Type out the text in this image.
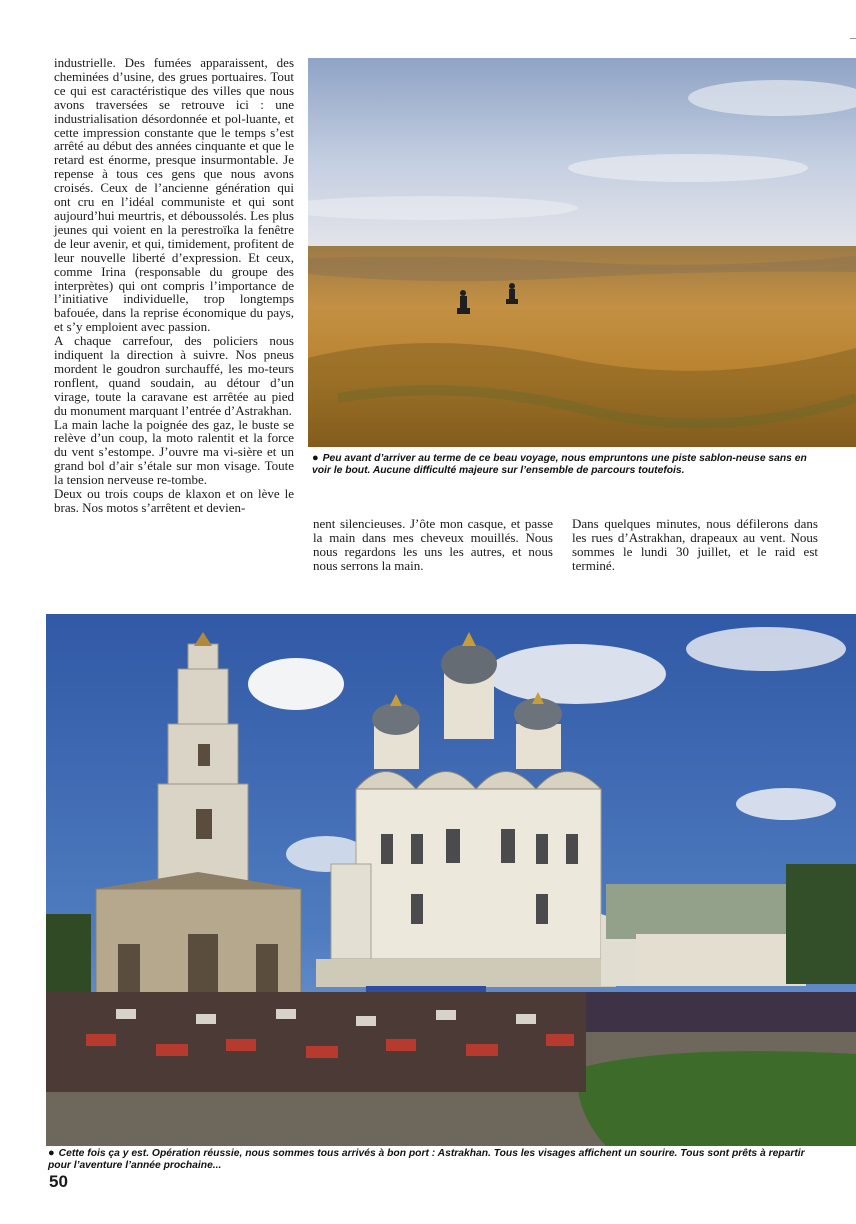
industrielle. Des fumées apparaissent, des cheminées d’usine, des grues portuaires. Tout ce qui est caractéristique des villes que nous avons traversées se retrouve ici : une industrialisation désordonnée et pol-luante, et cette impression constante que le temps s’est arrêté au début des années cinquante et que le retard est énorme, presque insurmontable. Je repense à tous ces gens que nous avons croisés. Ceux de l’ancienne génération qui ont cru en l’idéal communiste et qui sont aujourd’hui meurtris, et déboussolés. Les plus jeunes qui voient en la perestroïka la fenêtre de leur avenir, et qui, timidement, profitent de leur nouvelle liberté d’expression. Et ceux, comme Irina (responsable du groupe des interprètes) qui ont compris l’importance de l’initiative individuelle, trop longtemps bafouée, dans la reprise économique du pays, et s’y emploient avec passion.
A chaque carrefour, des policiers nous indiquent la direction à suivre. Nos pneus mordent le goudron surchauffé, les mo-teurs ronflent, quand soudain, au détour d’un virage, toute la caravane est arrêtée au pied du monument marquant l’entrée d’Astrakhan.
La main lache la poignée des gaz, le buste se relève d’un coup, la moto ralentit et la force du vent s’estompe. J’ouvre ma vi-sière et un grand bol d’air s’étale sur mon visage. Toute la tension nerveuse re-tombe.
Deux ou trois coups de klaxon et on lève le bras. Nos motos s’arrêtent et devien-

● Peu avant d’arriver au terme de ce beau voyage, nous empruntons une piste sablon-neuse sans en voir le bout. Aucune difficulté majeure sur l’ensemble de parcours toutefois.

nent silencieuses. J’ôte mon casque, et passe la main dans mes cheveux mouillés. Nous nous regardons les uns les autres, et nous nous serrons la main.

Dans quelques minutes, nous défilerons dans les rues d’Astrakhan, drapeaux au vent. Nous sommes le lundi 30 juillet, et le raid est terminé.

● Cette fois ça y est. Opération réussie, nous sommes tous arrivés à bon port : Astrakhan. Tous les visages affichent un sourire. Tous sont prêts à repartir pour l’aventure l’année prochaine...

50
